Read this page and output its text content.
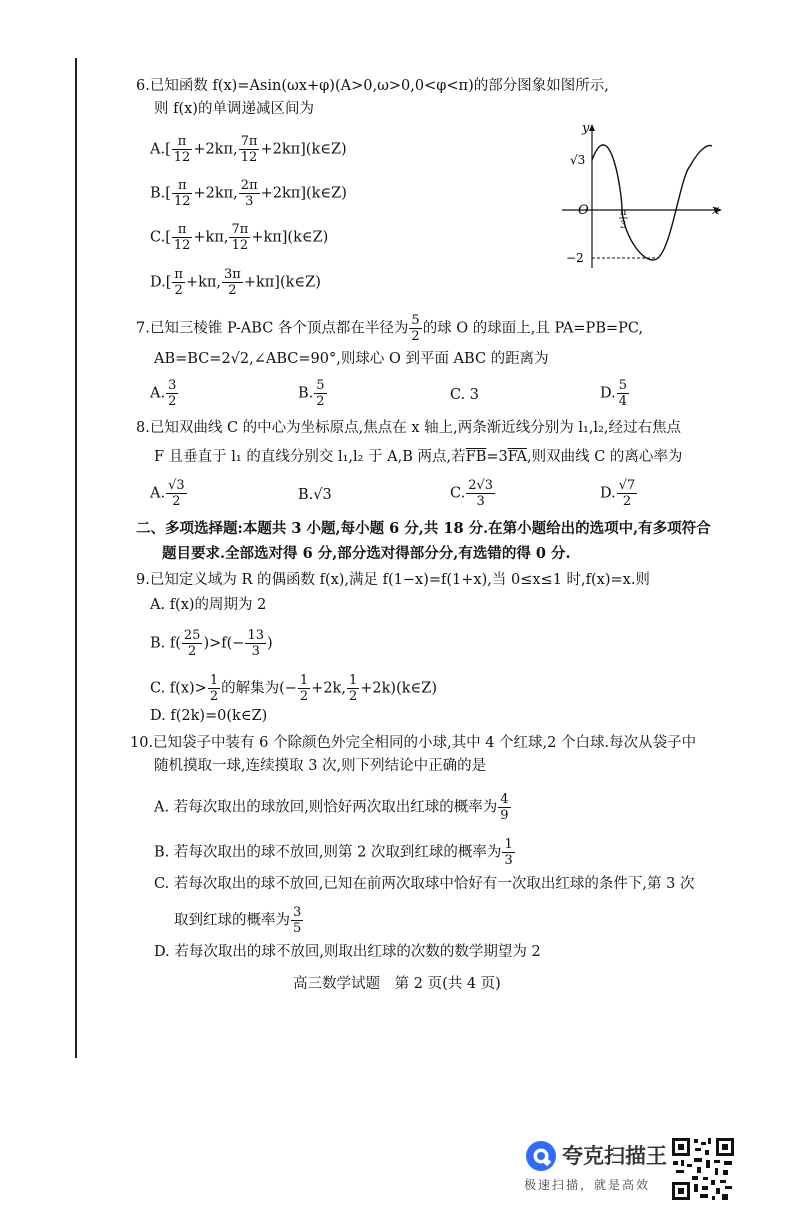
6.已知函数 f(x)=Asin(ωx+φ)(A>0,ω>0,0<φ<π)的部分图象如图所示,
则 f(x)的单调递减区间为
$A.[ \frac{\pi}{12} +2k\pi$, $\frac{7\pi}{12}$ +2kπ](k∈Z)
$B.[ \frac{\pi}{12} +2k\pi$, $\frac{2\pi}{3}$ +2kπ](k∈Z)
$C.[ \frac{\pi}{12} +k\pi$, $\frac{7\pi}{12}$ +kπ](k∈Z)
$D.[ \frac{\pi}{2} +k\pi$, $\frac{3\pi}{2}$ +kπ](k∈Z)
y
x
O
√3
−2
π
3
7.已知三棱锥 P-ABC 各个顶点都在半径为 $\frac{5}{2}$ 的球 O 的球面上,且 PA=PB=PC,
AB=BC=2√2,∠ABC=90°,则球心 O 到平面 ABC 的距离为
A. $\frac{3}{2}$	B. $\frac{5}{2}$	C. 3	D. $\frac{5}{4}$
8.已知双曲线 C 的中心为坐标原点,焦点在 x 轴上,两条渐近线分别为 l₁,l₂,经过右焦点
F 且垂直于 l₁ 的直线分别交 l₁,l₂ 于 A,B 两点,若$\overline{FB}=3\overline{FA}$,则双曲线 C 的离心率为
A. $\frac{√3}{2}$	B.√3	C. $\frac{2√3}{3}$	D. $\frac{√7}{2}$
二、多项选择题:本题共 3 小题,每小题 6 分,共 18 分.在第小题给出的选项中,有多项符合
题目要求.全部选对得 6 分,部分选对得部分分,有选错的得 0 分.
9.已知定义域为 R 的偶函数 f(x),满足 f(1−x)=f(1+x),当 0≤x≤1 时,f(x)=x.则
A. f(x)的周期为 2
B. $f( \frac{25}{2} )>f(- \frac{13}{3}$ )
C. $f(x)> \frac{1}{2}$ 的解集为(− $\frac{1}{2} +2k$, $\frac{1}{2}$ +2k)(k∈Z)
D. f(2k)=0(k∈Z)
10.已知袋子中装有 6 个除颜色外完全相同的小球,其中 4 个红球,2 个白球.每次从袋子中
随机摸取一球,连续摸取 3 次,则下列结论中正确的是
A. 若每次取出的球放回,则恰好两次取出红球的概率为 $\frac{4}{9}$
B. 若每次取出的球不放回,则第 2 次取到红球的概率为 $\frac{1}{3}$
C. 若每次取出的球不放回,已知在前两次取球中恰好有一次取出红球的条件下,第 3 次
取到红球的概率为 $\frac{3}{5}$
D. 若每次取出的球不放回,则取出红球的次数的数学期望为 2
高三数学试题　第 2 页(共 4 页)
夸克扫描王
极速扫描，就是高效
